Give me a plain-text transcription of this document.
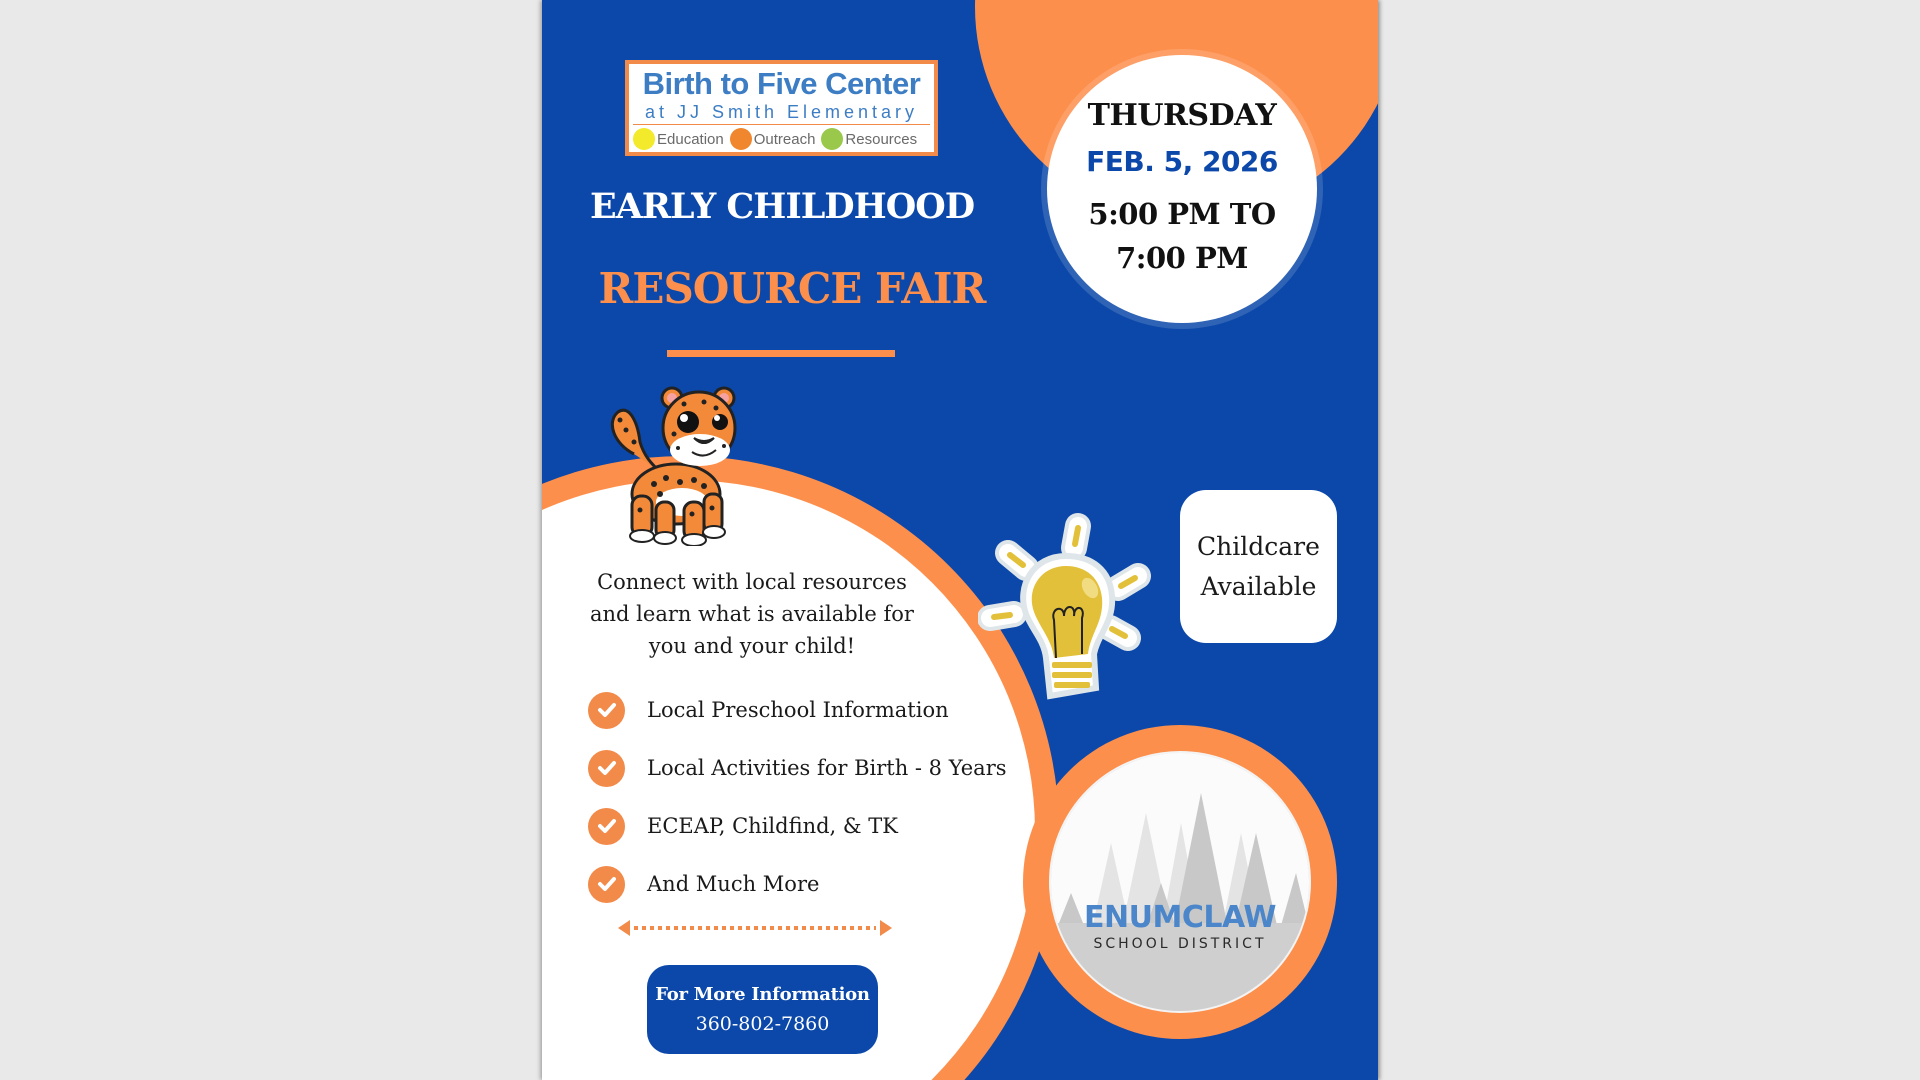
THURSDAY
FEB. 5, 2026
5:00 PM TO
7:00 PM
Birth to Five Center
at JJ Smith Elementary
Education Outreach Resources
EARLY CHILDHOOD
RESOURCE FAIR
Connect with local resources
and learn what is available for
you and your child!
Local Preschool Information
Local Activities for Birth - 8 Years
ECEAP, Childfind, & TK
And Much More
For More Information
360-802-7860
Childcare
Available
ENUMCLAW
SCHOOL DISTRICT
